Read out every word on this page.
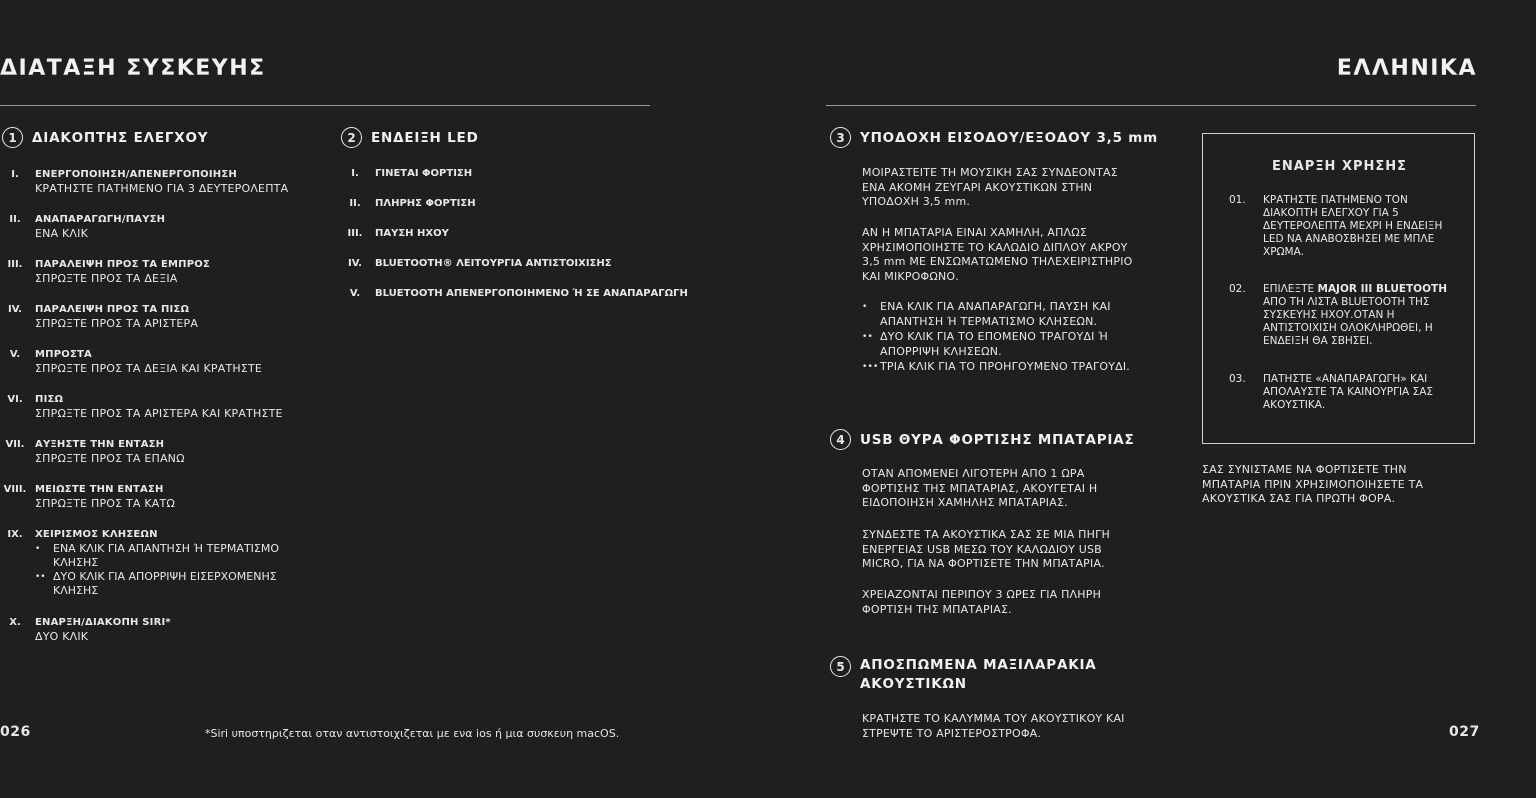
ΔΙΑΤΑΞΗ ΣΥΣΚΕΥΗΣ	ΕΛΛΗΝΙΚΑ
1	ΔΙΑΚΟΠΤΗΣ ΕΛΕΓΧΟΥ
I.	ΕΝΕΡΓΟΠΟΙΗΣΗ/ΑΠΕΝΕΡΓΟΠΟΙΗΣΗ
ΚΡΑΤΗΣΤΕ ΠΑΤΗΜΕΝΟ ΓΙΑ 3 ΔΕΥΤΕΡΟΛΕΠΤΑ
II.	ΑΝΑΠΑΡΑΓΩΓΗ/ΠΑΥΣΗ
ΕΝΑ ΚΛΙΚ
III.	ΠΑΡΑΛΕΙΨΗ ΠΡΟΣ ΤΑ ΕΜΠΡΟΣ
ΣΠΡΩΞΤΕ ΠΡΟΣ ΤΑ ΔΕΞΙΑ
IV.	ΠΑΡΑΛΕΙΨΗ ΠΡΟΣ ΤΑ ΠΙΣΩ
ΣΠΡΩΞΤΕ ΠΡΟΣ ΤΑ ΑΡΙΣΤΕΡΑ
V.	ΜΠΡΟΣΤΑ
ΣΠΡΩΞΤΕ ΠΡΟΣ ΤΑ ΔΕΞΙΑ ΚΑΙ ΚΡΑΤΗΣΤΕ
VI.	ΠΙΣΩ
ΣΠΡΩΞΤΕ ΠΡΟΣ ΤΑ ΑΡΙΣΤΕΡΑ ΚΑΙ ΚΡΑΤΗΣΤΕ
VII.	ΑΥΞΗΣΤΕ ΤΗΝ ΕΝΤΑΣΗ
ΣΠΡΩΞΤΕ ΠΡΟΣ ΤΑ ΕΠΑΝΩ
VIII. ΜΕΙΩΣΤΕ ΤΗΝ ΕΝΤΑΣΗ
ΣΠΡΩΞΤΕ ΠΡΟΣ ΤΑ ΚΑΤΩ
IX.	ΧΕΙΡΙΣΜΟΣ ΚΛΗΣΕΩΝ
•	ΕΝΑ ΚΛΙΚ ΓΙΑ ΑΠΑΝΤΗΣΗ Ή ΤΕΡΜΑΤΙΣΜΟ ΚΛΗΣΗΣ
•• ΔΥΟ ΚΛΙΚ ΓΙΑ ΑΠΟΡΡΙΨΗ ΕΙΣΕΡΧΟΜΕΝΗΣ ΚΛΗΣΗΣ
X.	ΕΝΑΡΞΗ/ΔΙΑΚΟΠΗ SIRI*
ΔΥΟ ΚΛΙΚ
2	ΕΝΔΕΙΞΗ LED
I.	ΓΙΝΕΤΑΙ ΦΟΡΤΙΣΗ
II.	ΠΛΗΡΗΣ ΦΟΡΤΙΣΗ
III.	ΠΑΥΣΗ ΗΧΟΥ
IV.	BLUETOOTH® ΛΕΙΤΟΥΡΓΙΑ ΑΝΤΙΣΤΟΙΧΙΣΗΣ
V.	BLUETOOTH ΑΠΕΝΕΡΓΟΠΟΙΗΜΕΝΟ Ή ΣΕ ΑΝΑΠΑΡΑΓΩΓΗ
3	ΥΠΟΔΟΧΗ ΕΙΣΟΔΟΥ/ΕΞΟΔΟΥ 3,5 mm
ΜΟΙΡΑΣΤΕΙΤΕ ΤΗ ΜΟΥΣΙΚΗ ΣΑΣ ΣΥΝΔΕΟΝΤΑΣ ΕΝΑ ΑΚΟΜΗ ΖΕΥΓΑΡΙ ΑΚΟΥΣΤΙΚΩΝ ΣΤΗΝ ΥΠΟΔΟΧΗ 3,5 mm.
ΑΝ Η ΜΠΑΤΑΡΙΑ ΕΙΝΑΙ ΧΑΜΗΛΗ, ΑΠΛΩΣ ΧΡΗΣΙΜΟΠΟΙΗΣΤΕ ΤΟ ΚΑΛΩΔΙΟ ΔΙΠΛΟΥ ΑΚΡΟΥ 3,5 mm ΜΕ ΕΝΣΩΜΑΤΩΜΕΝΟ ΤΗΛΕΧΕΙΡΙΣΤΗΡΙΟ ΚΑΙ ΜΙΚΡΟΦΩΝΟ.
•	ΕΝΑ ΚΛΙΚ ΓΙΑ ΑΝΑΠΑΡΑΓΩΓΗ, ΠΑΥΣΗ ΚΑΙ ΑΠΑΝΤΗΣΗ Ή ΤΕΡΜΑΤΙΣΜΟ ΚΛΗΣΕΩΝ.
•• ΔΥΟ ΚΛΙΚ ΓΙΑ ΤΟ ΕΠΟΜΕΝΟ ΤΡΑΓΟΥΔΙ Ή ΑΠΟΡΡΙΨΗ ΚΛΗΣΕΩΝ.
••• ΤΡΙΑ ΚΛΙΚ ΓΙΑ ΤΟ ΠΡΟΗΓΟΥΜΕΝΟ ΤΡΑΓΟΥΔΙ.
4	USB ΘΥΡΑ ΦΟΡΤΙΣΗΣ ΜΠΑΤΑΡΙΑΣ
ΟΤΑΝ ΑΠΟΜΕΝΕΙ ΛΙΓΟΤΕΡΗ ΑΠΟ 1 ΩΡΑ ΦΟΡΤΙΣΗΣ ΤΗΣ ΜΠΑΤΑΡΙΑΣ, ΑΚΟΥΓΕΤΑΙ Η ΕΙΔΟΠΟΙΗΣΗ ΧΑΜΗΛΗΣ ΜΠΑΤΑΡΙΑΣ.
ΣΥΝΔΕΣΤΕ ΤΑ ΑΚΟΥΣΤΙΚΑ ΣΑΣ ΣΕ ΜΙΑ ΠΗΓΗ ΕΝΕΡΓΕΙΑΣ USB ΜΕΣΩ ΤΟΥ ΚΑΛΩΔΙΟΥ USB MICRO, ΓΙΑ ΝΑ ΦΟΡΤΙΣΕΤΕ ΤΗΝ ΜΠΑΤΑΡΙΑ.
ΧΡΕΙΑΖΟΝΤΑΙ ΠΕΡΙΠΟΥ 3 ΩΡΕΣ ΓΙΑ ΠΛΗΡΗ ΦΟΡΤΙΣΗ ΤΗΣ ΜΠΑΤΑΡΙΑΣ.
5	ΑΠΟΣΠΩΜΕΝΑ ΜΑΞΙΛΑΡΑΚΙΑ
ΑΚΟΥΣΤΙΚΩΝ
ΚΡΑΤΗΣΤΕ ΤΟ ΚΑΛΥΜΜΑ ΤΟΥ ΑΚΟΥΣΤΙΚΟΥ ΚΑΙ ΣΤΡΕΨΤΕ ΤΟ ΑΡΙΣΤΕΡΟΣΤΡΟΦΑ.
ΕΝΑΡΞΗ ΧΡΗΣΗΣ
01. ΚΡΑΤΗΣΤΕ ΠΑΤΗΜΕΝΟ ΤΟΝ ΔΙΑΚΟΠΤΗ ΕΛΕΓΧΟΥ ΓΙΑ 5 ΔΕΥΤΕΡΟΛΕΠΤΑ ΜΕΧΡΙ Η ΕΝΔΕΙΞΗ LED ΝΑ ΑΝΑΒΟΣΒΗΣΕΙ ΜΕ ΜΠΛΕ ΧΡΩΜΑ.
02. ΕΠΙΛΕΞΤΕ MAJOR III BLUETOOTH ΑΠΟ ΤΗ ΛΙΣΤΑ BLUETOOTH ΤΗΣ ΣΥΣΚΕΥΗΣ ΗΧΟΥ.ΟΤΑΝ Η ΑΝΤΙΣΤΟΙΧΙΣΗ ΟΛΟΚΛΗΡΩΘΕΙ, Η ΕΝΔΕΙΞΗ ΘΑ ΣΒΗΣΕΙ.
03. ΠΑΤΗΣΤΕ «ΑΝΑΠΑΡΑΓΩΓΗ» ΚΑΙ ΑΠΟΛΑΥΣΤΕ ΤΑ ΚΑΙΝΟΥΡΓΙΑ ΣΑΣ ΑΚΟΥΣΤΙΚΑ.
ΣΑΣ ΣΥΝΙΣΤΑΜΕ ΝΑ ΦΟΡΤΙΣΕΤΕ ΤΗΝ ΜΠΑΤΑΡΙΑ ΠΡΙΝ ΧΡΗΣΙΜΟΠΟΙΗΣΕΤΕ ΤΑ ΑΚΟΥΣΤΙΚΑ ΣΑΣ ΓΙΑ ΠΡΩΤΗ ΦΟΡΑ.
026	*Siri υποστηριζεται οταν αντιστοιχιζεται με ενα ios ή μια συσκευη macOS.	027
